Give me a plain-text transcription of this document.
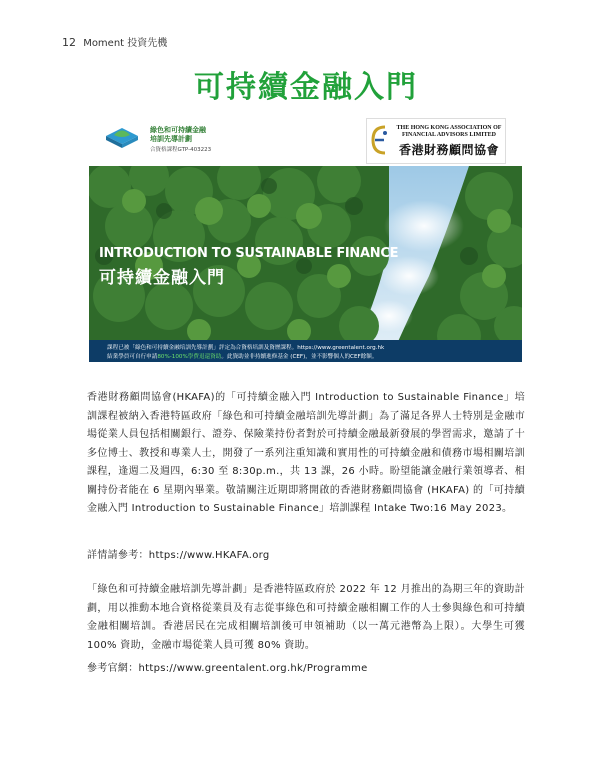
12 Moment 投資先機
可持續金融入門
綠色和可持續金融
培訓先導計劃
合資格課程GTP-403223
THE HONG KONG ASSOCIATION OF
FINANCIAL ADVISORS LIMITED
香港財務顧問協會
INTRODUCTION TO SUSTAINABLE FINANCE
可持續金融入門
課程已被「綠色和可持續金融培訓先導計劃」評定為合資格培訓及資歷課程。https://www.greentalent.org.hk
結業學員可自行申請80%-100%學費退還資助。此資助並非持續進修基金 (CEF)，並不影響個人的CEF餘額。
香港財務顧問協會(HKAFA)的「可持續金融入門 Introduction to Sustainable Finance」培訓課程被納入香港特區政府「綠色和可持續金融培訓先導計劃」為了滿足各界人士特別是金融市場從業人員包括相關銀行、證券、保險業持份者對於可持續金融最新發展的學習需求，邀請了十多位博士、教授和專業人士，開發了一系列注重知識和實用性的可持續金融和債務市場相關培訓課程，逢週二及週四，6:30 至 8:30p.m.，共 13 課，26 小時。盼望能讓金融行業領導者、相關持份者能在 6 星期內畢業。敬請關注近期即將開啟的香港財務顧問協會 (HKAFA) 的「可持續金融入門 Introduction to Sustainable Finance」培訓課程 Intake Two:16 May 2023。
詳情請參考：https://www.HKAFA.org
「綠色和可持續金融培訓先導計劃」是香港特區政府於 2022 年 12 月推出的為期三年的資助計劃，用以推動本地合資格從業員及有志從事綠色和可持續金融相關工作的人士參與綠色和可持續金融相關培訓。香港居民在完成相關培訓後可申領補助（以一萬元港幣為上限）。大學生可獲 100% 資助，金融市場從業人員可獲 80% 資助。
參考官網：https://www.greentalent.org.hk/Programme
